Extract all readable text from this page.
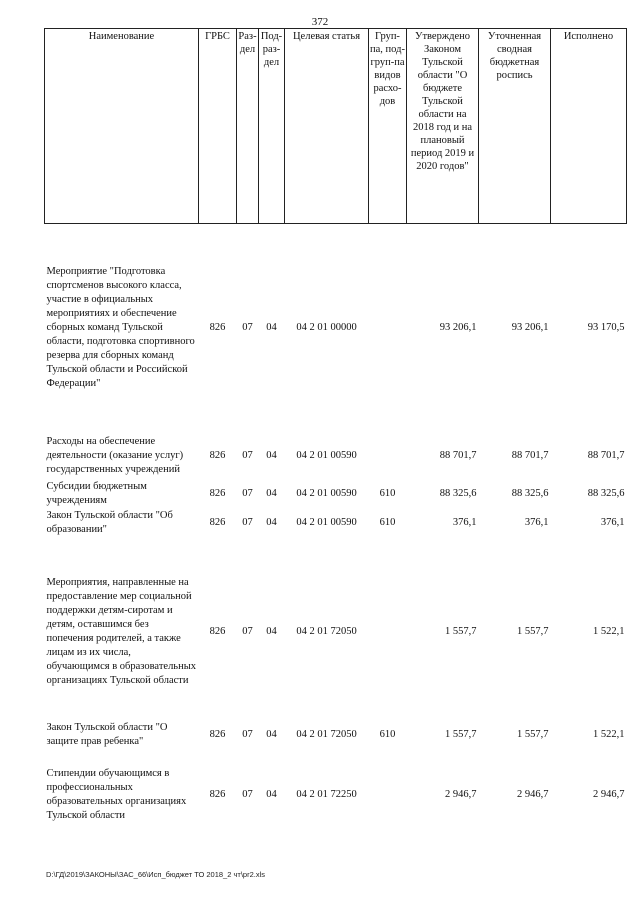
372
Наименование	ГРБС	Раз-дел	Под-раз-дел	Целевая статья	Груп-па, под-груп-па видов расхо-дов	Утверждено Законом Тульской области "О бюджете Тульской области на 2018 год и на плановый период 2019 и 2020 годов"	Уточненная сводная бюджетная роспись	Исполнено
Мероприятие "Подготовка спортсменов высокого класса, участие в официальных мероприятиях и обеспечение сборных команд Тульской области, подготовка спортивного резерва для сборных команд Тульской области и Российской Федерации"	826	07	04	04 2 01 00000		93 206,1	93 206,1	93 170,5
Расходы на обеспечение деятельности (оказание услуг) государственных учреждений	826	07	04	04 2 01 00590		88 701,7	88 701,7	88 701,7
Субсидии бюджетным учреждениям	826	07	04	04 2 01 00590	610	88 325,6	88 325,6	88 325,6
Закон Тульской области "Об образовании"	826	07	04	04 2 01 00590	610	376,1	376,1	376,1
Мероприятия, направленные на предоставление мер социальной поддержки детям-сиротам и детям, оставшимся без попечения родителей, а также лицам из их числа, обучающимся в образовательных организациях Тульской области	826	07	04	04 2 01 72050		1 557,7	1 557,7	1 522,1
Закон Тульской области "О защите прав ребенка"	826	07	04	04 2 01 72050	610	1 557,7	1 557,7	1 522,1
Стипендии обучающимся в профессиональных образовательных организациях Тульской области	826	07	04	04 2 01 72250		2 946,7	2 946,7	2 946,7
D:\ГД\2019\ЗАКОНЫ\ЗАС_66\Исп_бюджет ТО 2018_2 чт\pr2.xls
